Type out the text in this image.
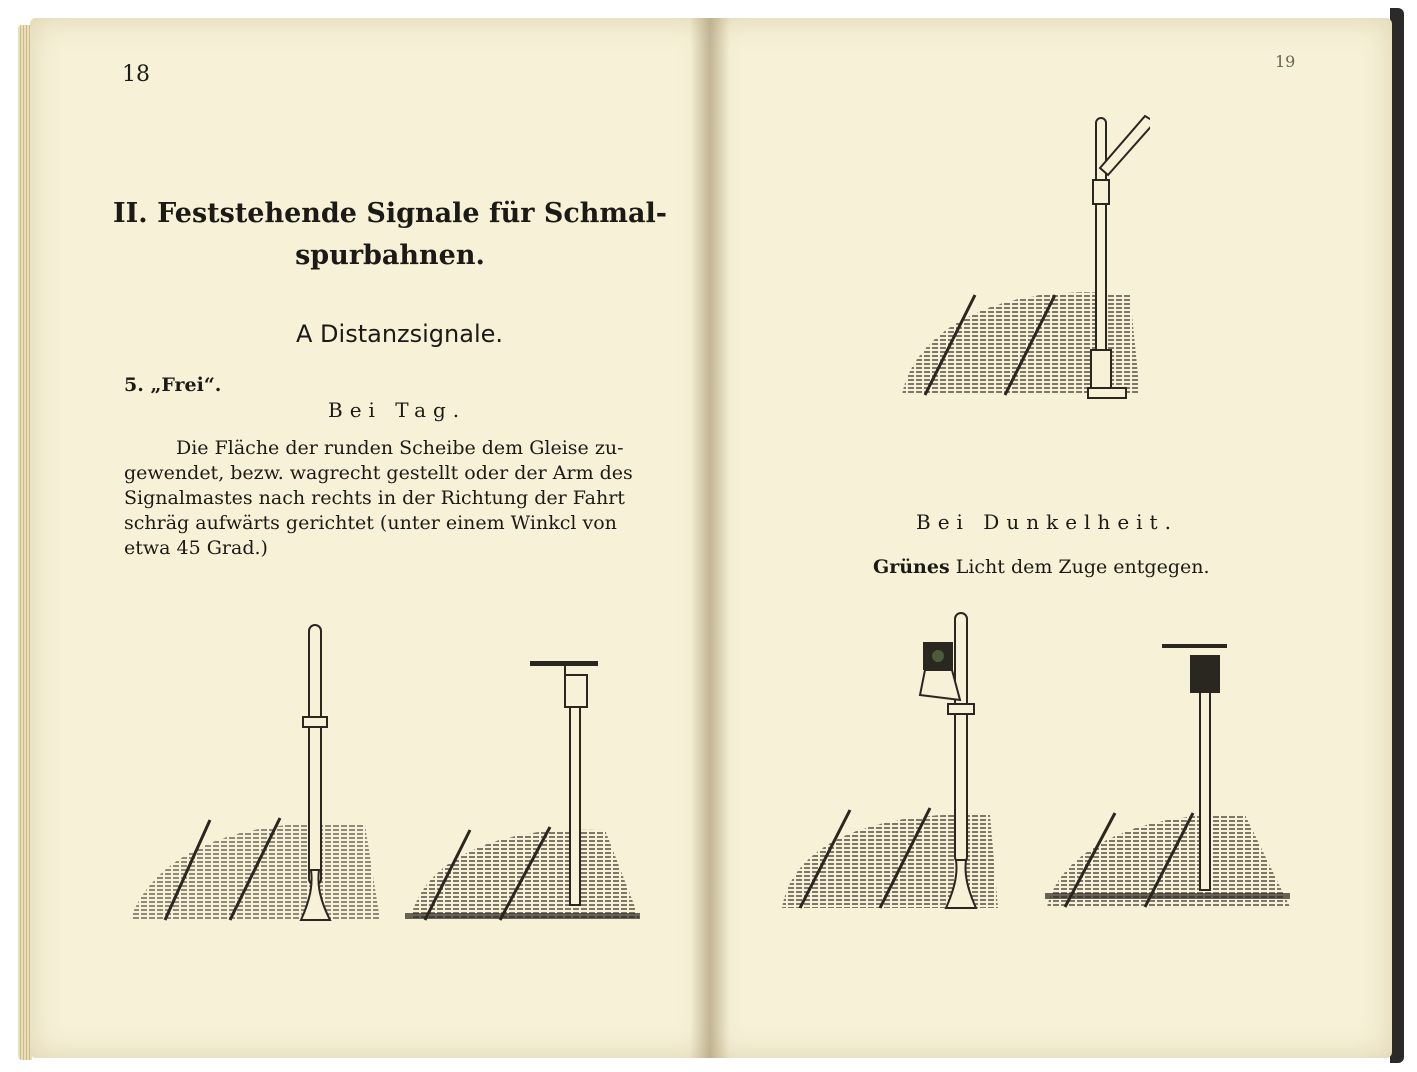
18
II. Feststehende Signale für Schmal-
spurbahnen.
A Distanzsignale.
5. „Frei“.
Bei Tag.
Die Fläche der runden Scheibe dem Gleise zu-
gewendet, bezw. wagrecht gestellt oder der Arm des
Signalmastes nach rechts in der Richtung der Fahrt
schräg aufwärts gerichtet (unter einem Winkcl von
etwa 45 Grad.)
19
Bei Dunkelheit.
Grünes Licht dem Zuge entgegen.
